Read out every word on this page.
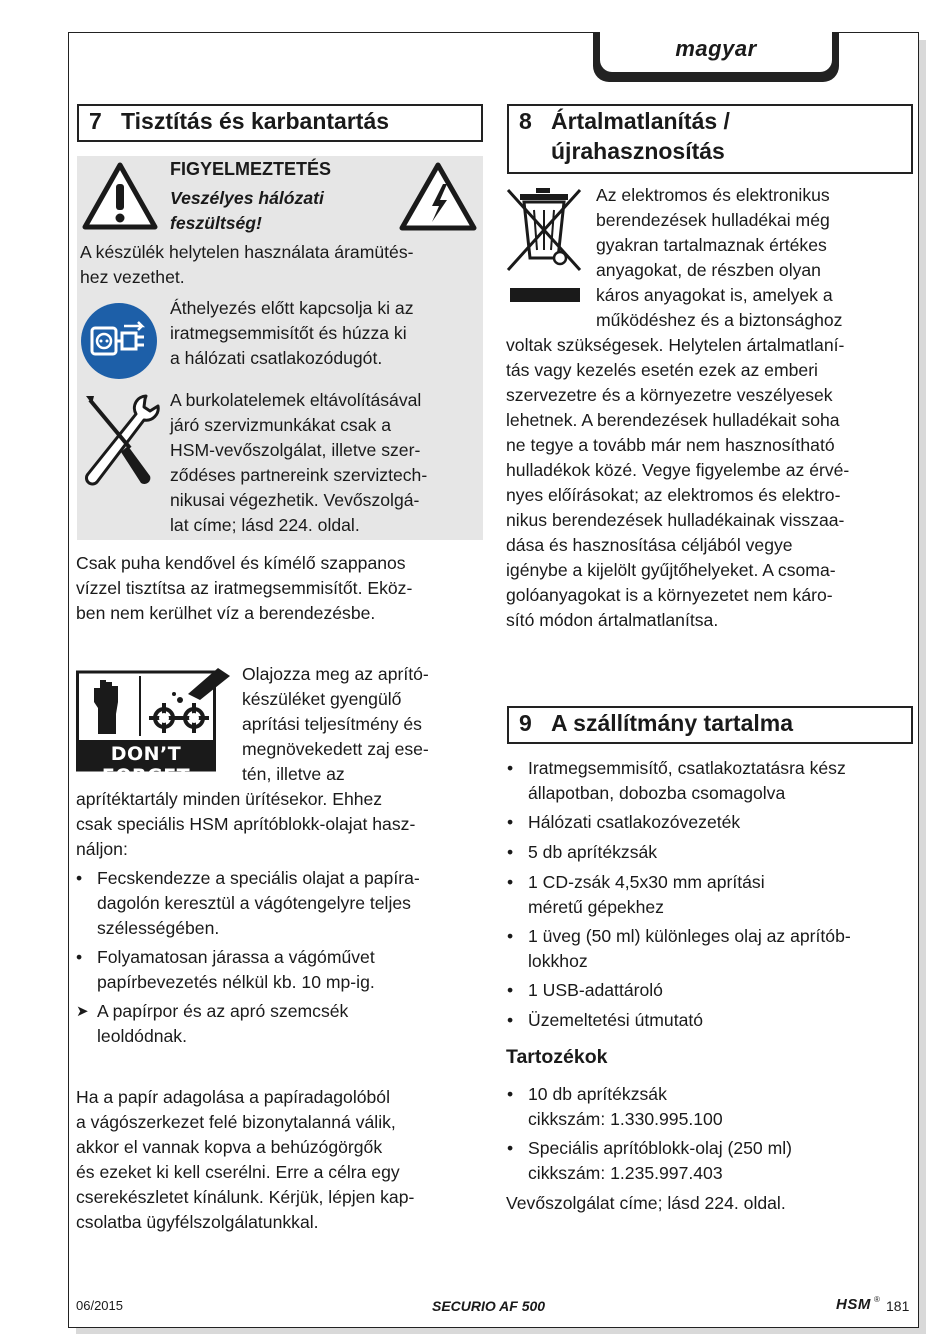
magyar
7 Tisztítás és karbantartás
FIGYELMEZTETÉS
Veszélyes hálózati
feszültség!
A készülék helytelen használata áramütés-
hez vezethet.
Áthelyezés előtt kapcsolja ki az
iratmegsemmisítőt és húzza ki
a hálózati csatlakozódugót.
A burkolatelemek eltávolításával
járó szervizmunkákat csak a
HSM-vevőszolgálat, illetve szer-
ződéses partnereink szerviztech-
nikusai végezhetik. Vevőszolgá-
lat címe; lásd 224. oldal.
Csak puha kendővel és kímélő szappanos
vízzel tisztítsa az iratmegsemmisítőt. Eköz-
ben nem kerülhet víz a berendezésbe.
DON’T FORGET
Olajozza meg az aprító-
készüléket gyengülő
aprítási teljesítmény és
megnövekedett zaj ese-
tén, illetve az
aprítéktartály minden ürítésekor. Ehhez
csak speciális HSM aprítóblokk-olajat hasz-
náljon:
• Fecskendezze a speciális olajat a papíra-
dagolón keresztül a vágótengelyre teljes
szélességében.
• Folyamatosan járassa a vágóművet
papírbevezetés nélkül kb. 10 mp-ig.
➤ A papírpor és az apró szemcsék
leoldódnak.
Ha a papír adagolása a papíradagolóból
a vágószerkezet felé bizonytalanná válik,
akkor el vannak kopva a behúzógörgők
és ezeket ki kell cserélni. Erre a célra egy
cserekészletet kínálunk. Kérjük, lépjen kap-
csolatba ügyfélszolgálatunkkal.
8 Ártalmatlanítás /
újrahasznosítás
Az elektromos és elektronikus
berendezések hulladékai még
gyakran tartalmaznak értékes
anyagokat, de részben olyan
káros anyagokat is, amelyek a
működéshez és a biztonsághoz
voltak szükségesek. Helytelen ártalmatlaní-
tás vagy kezelés esetén ezek az emberi
szervezetre és a környezetre veszélyesek
lehetnek. A berendezések hulladékait soha
ne tegye a tovább már nem hasznosítható
hulladékok közé. Vegye figyelembe az érvé-
nyes előírásokat; az elektromos és elektro-
nikus berendezések hulladékainak visszaa-
dása és hasznosítása céljából vegye
igénybe a kijelölt gyűjtőhelyeket. A csoma-
golóanyagokat is a környezetet nem káro-
sító módon ártalmatlanítsa.
9 A szállítmány tartalma
• Iratmegsemmisítő, csatlakoztatásra kész
állapotban, dobozba csomagolva
• Hálózati csatlakozóvezeték
• 5 db aprítékzsák
• 1 CD-zsák 4,5x30 mm aprítási
méretű gépekhez
• 1 üveg (50 ml) különleges olaj az aprítób-
lokkhoz
• 1 USB-adattároló
• Üzemeltetési útmutató
Tartozékok
• 10 db aprítékzsák
cikkszám: 1.330.995.100
• Speciális aprítóblokk-olaj (250 ml)
cikkszám: 1.235.997.403
Vevőszolgálat címe; lásd 224. oldal.
06/2015	SECURIO AF 500	HSM ® 181
